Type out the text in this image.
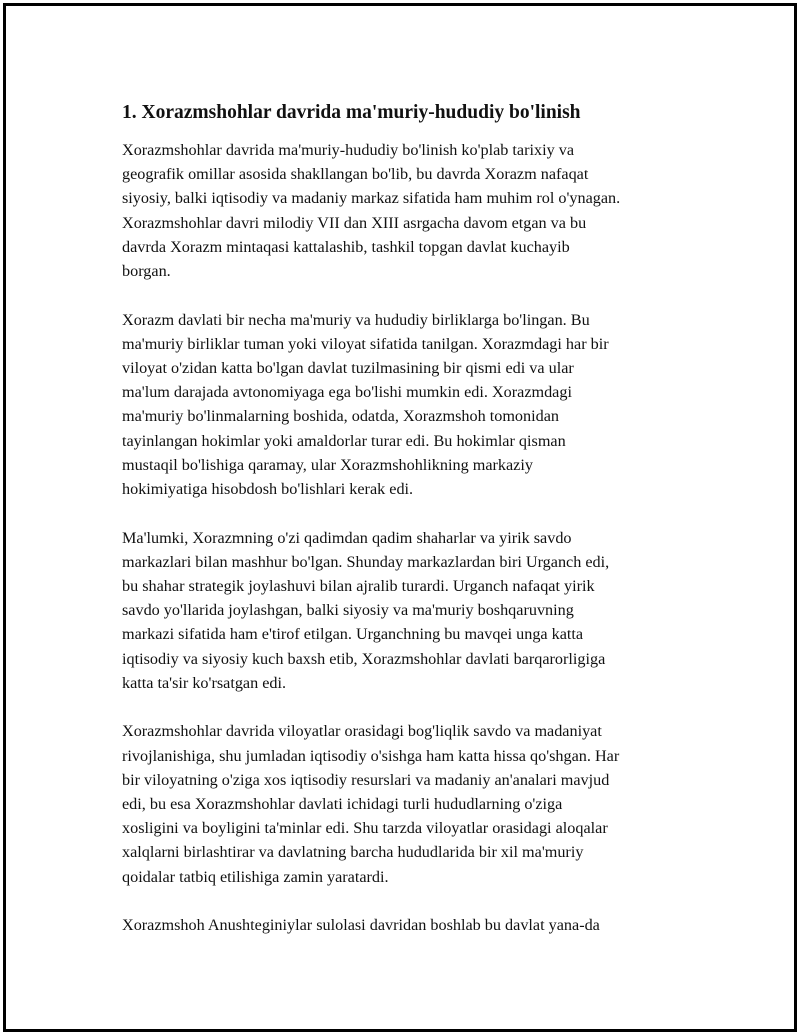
1. Xorazmshohlar davrida ma'muriy-hududiy bo'linish

Xorazmshohlar davrida ma'muriy-hududiy bo'linish ko'plab tarixiy va
geografik omillar asosida shakllangan bo'lib, bu davrda Xorazm nafaqat
siyosiy, balki iqtisodiy va madaniy markaz sifatida ham muhim rol o'ynagan.
Xorazmshohlar davri milodiy VII dan XIII asrgacha davom etgan va bu
davrda Xorazm mintaqasi kattalashib, tashkil topgan davlat kuchayib
borgan.

Xorazm davlati bir necha ma'muriy va hududiy birliklarga bo'lingan. Bu
ma'muriy birliklar tuman yoki viloyat sifatida tanilgan. Xorazmdagi har bir
viloyat o'zidan katta bo'lgan davlat tuzilmasining bir qismi edi va ular
ma'lum darajada avtonomiyaga ega bo'lishi mumkin edi. Xorazmdagi
ma'muriy bo'linmalarning boshida, odatda, Xorazmshoh tomonidan
tayinlangan hokimlar yoki amaldorlar turar edi. Bu hokimlar qisman
mustaqil bo'lishiga qaramay, ular Xorazmshohlikning markaziy
hokimiyatiga hisobdosh bo'lishlari kerak edi.

Ma'lumki, Xorazmning o'zi qadimdan qadim shaharlar va yirik savdo
markazlari bilan mashhur bo'lgan. Shunday markazlardan biri Urganch edi,
bu shahar strategik joylashuvi bilan ajralib turardi. Urganch nafaqat yirik
savdo yo'llarida joylashgan, balki siyosiy va ma'muriy boshqaruvning
markazi sifatida ham e'tirof etilgan. Urganchning bu mavqei unga katta
iqtisodiy va siyosiy kuch baxsh etib, Xorazmshohlar davlati barqarorligiga
katta ta'sir ko'rsatgan edi.

Xorazmshohlar davrida viloyatlar orasidagi bog'liqlik savdo va madaniyat
rivojlanishiga, shu jumladan iqtisodiy o'sishga ham katta hissa qo'shgan. Har
bir viloyatning o'ziga xos iqtisodiy resurslari va madaniy an'analari mavjud
edi, bu esa Xorazmshohlar davlati ichidagi turli hududlarning o'ziga
xosligini va boyligini ta'minlar edi. Shu tarzda viloyatlar orasidagi aloqalar
xalqlarni birlashtirar va davlatning barcha hududlarida bir xil ma'muriy
qoidalar tatbiq etilishiga zamin yaratardi.

Xorazmshoh Anushteginiylar sulolasi davridan boshlab bu davlat yana-da
